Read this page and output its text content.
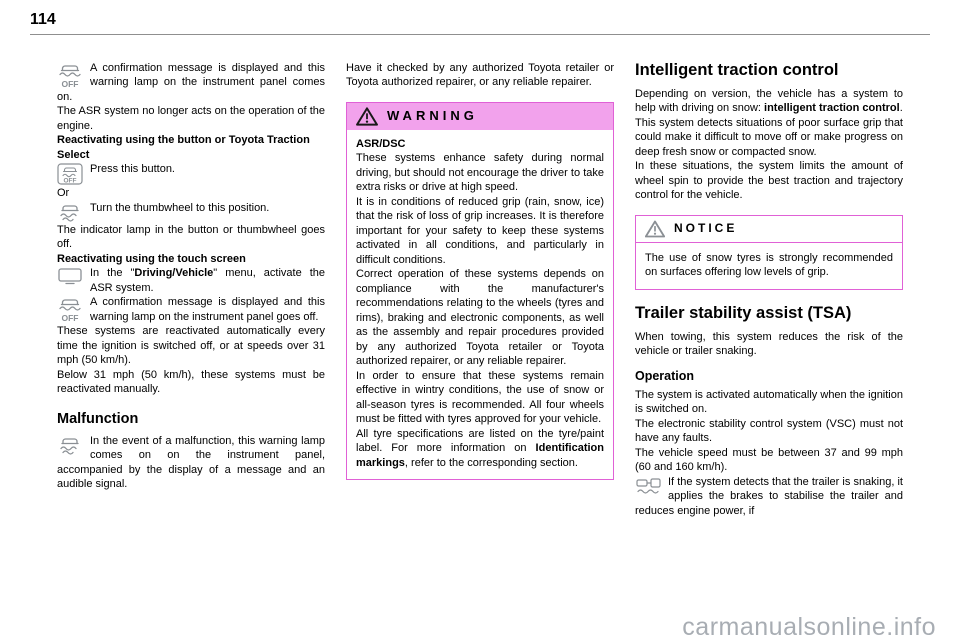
114

OFF
A confirmation message is displayed and this warning lamp on the instrument panel comes on.

The ASR system no longer acts on the operation of the engine.

Reactivating using the button or Toyota Traction Select

OFF
Press this button.

Or

Turn the thumbwheel to this position.

The indicator lamp in the button or thumbwheel goes off.

Reactivating using the touch screen

In the "Driving/Vehicle" menu, activate the ASR system.

OFF
A confirmation message is displayed and this warning lamp on the instrument panel goes off.

These systems are reactivated automatically every time the ignition is switched off, or at speeds over 31 mph (50 km/h).

Below 31 mph (50 km/h), these systems must be reactivated manually.

Malfunction

In the event of a malfunction, this warning lamp comes on on the instrument panel, accompanied by the display of a message and an audible signal.

Have it checked by any authorized Toyota retailer or Toyota authorized repairer, or any reliable repairer.

WARNING

ASR/DSC

These systems enhance safety during normal driving, but should not encourage the driver to take extra risks or drive at high speed.

It is in conditions of reduced grip (rain, snow, ice) that the risk of loss of grip increases. It is therefore important for your safety to keep these systems activated in all conditions, and particularly in difficult conditions.

Correct operation of these systems depends on compliance with the manufacturer's recommendations relating to the wheels (tyres and rims), braking and electronic components, as well as the assembly and repair procedures provided by any authorized Toyota retailer or Toyota authorized repairer, or any reliable repairer.

In order to ensure that these systems remain effective in wintry conditions, the use of snow or all-season tyres is recommended. All four wheels must be fitted with tyres approved for your vehicle.

All tyre specifications are listed on the tyre/paint label. For more information on Identification markings, refer to the corresponding section.

Intelligent traction control

Depending on version, the vehicle has a system to help with driving on snow: intelligent traction control.

This system detects situations of poor surface grip that could make it difficult to move off or make progress on deep fresh snow or compacted snow.

In these situations, the system limits the amount of wheel spin to provide the best traction and trajectory control for the vehicle.

NOTICE

The use of snow tyres is strongly recommended on surfaces offering low levels of grip.

Trailer stability assist (TSA)

When towing, this system reduces the risk of the vehicle or trailer snaking.

Operation

The system is activated automatically when the ignition is switched on.

The electronic stability control system (VSC) must not have any faults.

The vehicle speed must be between 37 and 99 mph (60 and 160 km/h).

If the system detects that the trailer is snaking, it applies the brakes to stabilise the trailer and reduces engine power, if

carmanualsonline.info
